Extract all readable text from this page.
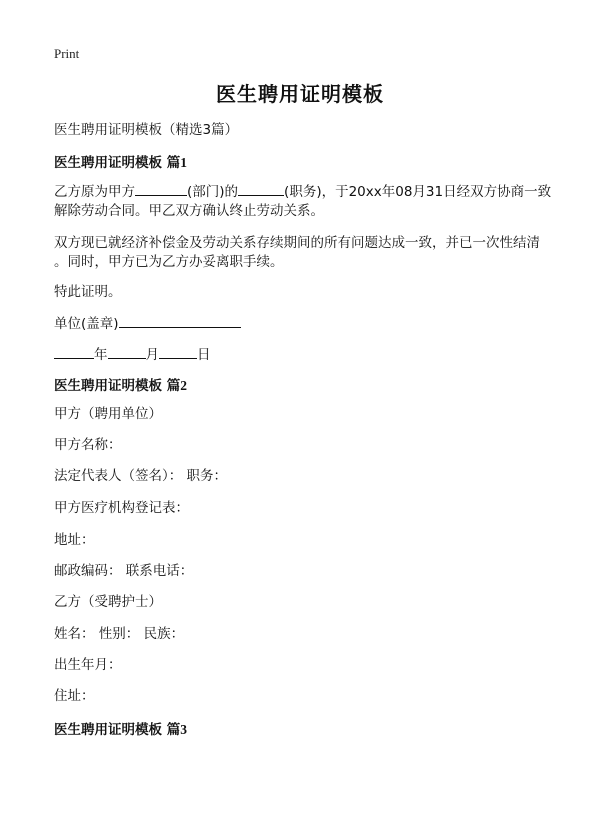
Print
医生聘用证明模板

医生聘用证明模板（精选3篇）

医生聘用证明模板 篇1

乙方原为甲方	(部门)的	(职务)，于20xx年08月31日经双方协商一致

解除劳动合同。甲乙双方确认终止劳动关系。

双方现已就经济补偿金及劳动关系存续期间的所有问题达成一致，并已一次性结清

。同时，甲方已为乙方办妥离职手续。

特此证明。

单位(盖章)

年	月	日

医生聘用证明模板 篇2

甲方（聘用单位）

甲方名称：

法定代表人（签名）： 职务：

甲方医疗机构登记表：

地址：

邮政编码： 联系电话：

乙方（受聘护士）

姓名： 性别： 民族：

出生年月：

住址：

医生聘用证明模板 篇3
